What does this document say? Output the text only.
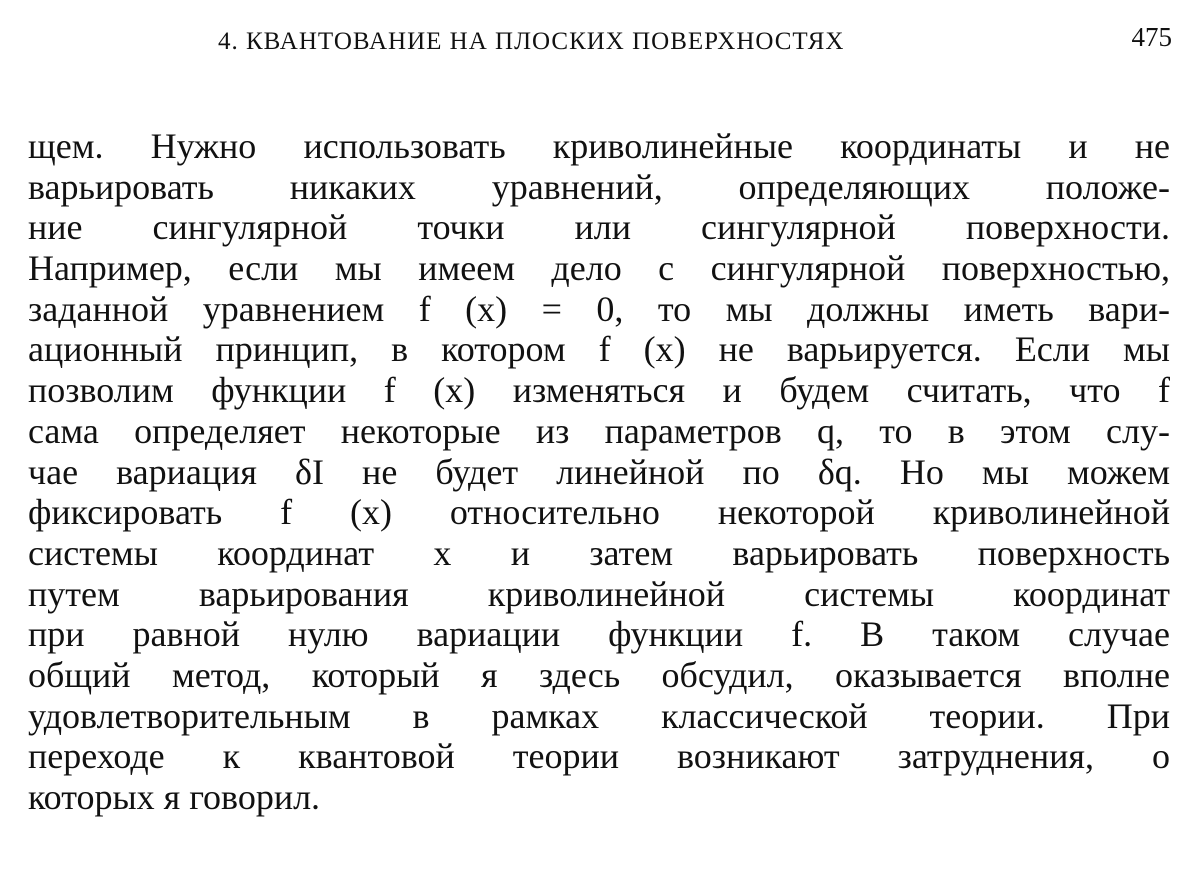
4. КВАНТОВАНИЕ НА ПЛОСКИХ ПОВЕРХНОСТЯХ	475
щем. Нужно использовать криволинейные координаты и не
варьировать никаких уравнений, определяющих положе-
ние сингулярной точки или сингулярной поверхности.
Например, если мы имеем дело с сингулярной поверхностью,
заданной уравнением f (x) = 0, то мы должны иметь вари-
ационный принцип, в котором f (x) не варьируется. Если мы
позволим функции f (x) изменяться и будем считать, что f
сама определяет некоторые из параметров q, то в этом слу-
чае вариация δI не будет линейной по δq. Но мы можем
фиксировать f (x) относительно некоторой криволинейной
системы координат x и затем варьировать поверхность
путем варьирования криволинейной системы координат
при равной нулю вариации функции f. В таком случае
общий метод, который я здесь обсудил, оказывается вполне
удовлетворительным в рамках классической теории. При
переходе к квантовой теории возникают затруднения, о
которых я говорил.
